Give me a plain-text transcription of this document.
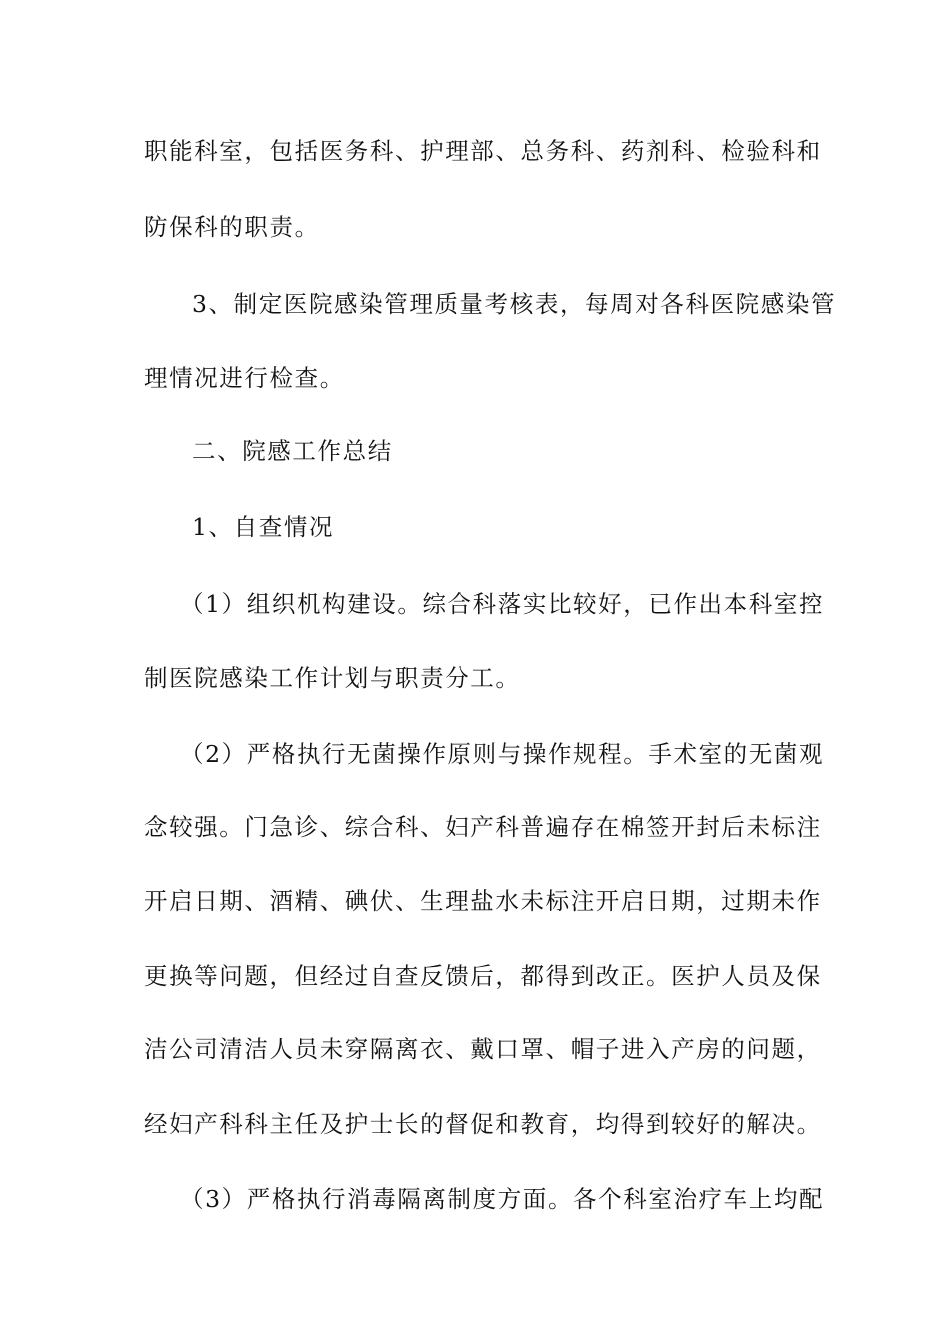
职能科室，包括医务科、护理部、总务科、药剂科、检验科和
防保科的职责。
3、制定医院感染管理质量考核表，每周对各科医院感染管
理情况进行检查。
二、院感工作总结
1、自查情况
（1）组织机构建设。综合科落实比较好，已作出本科室控
制医院感染工作计划与职责分工。
（2）严格执行无菌操作原则与操作规程。手术室的无菌观
念较强。门急诊、综合科、妇产科普遍存在棉签开封后未标注
开启日期、酒精、碘伏、生理盐水未标注开启日期，过期未作
更换等问题，但经过自查反馈后，都得到改正。医护人员及保
洁公司清洁人员未穿隔离衣、戴口罩、帽子进入产房的问题，
经妇产科科主任及护士长的督促和教育，均得到较好的解决。
（3）严格执行消毒隔离制度方面。各个科室治疗车上均配
